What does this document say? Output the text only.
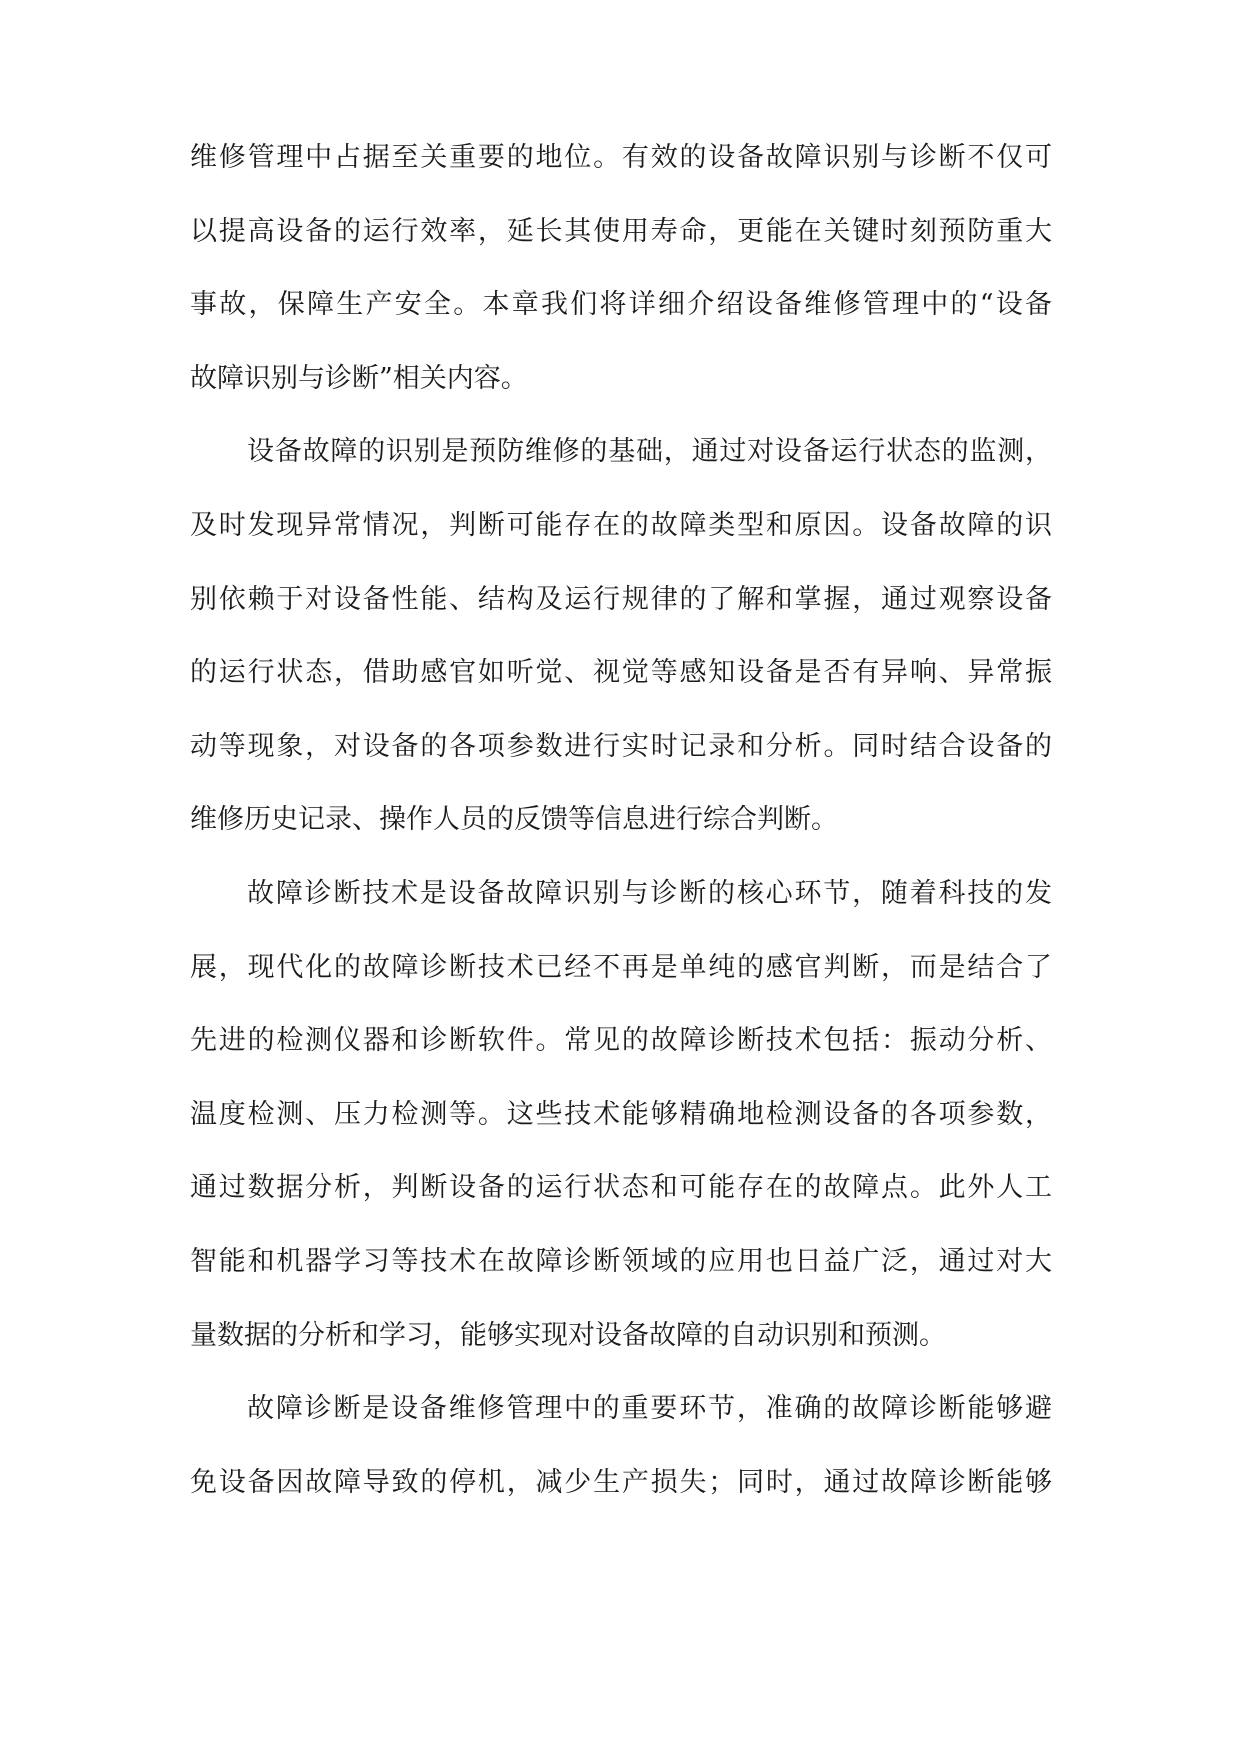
维修管理中占据至关重要的地位。有效的设备故障识别与诊断不仅可
以提高设备的运行效率，延长其使用寿命，更能在关键时刻预防重大
事故，保障生产安全。本章我们将详细介绍设备维修管理中的“设备
故障识别与诊断”相关内容。
设备故障的识别是预防维修的基础，通过对设备运行状态的监测，
及时发现异常情况，判断可能存在的故障类型和原因。设备故障的识
别依赖于对设备性能、结构及运行规律的了解和掌握，通过观察设备
的运行状态，借助感官如听觉、视觉等感知设备是否有异响、异常振
动等现象，对设备的各项参数进行实时记录和分析。同时结合设备的
维修历史记录、操作人员的反馈等信息进行综合判断。
故障诊断技术是设备故障识别与诊断的核心环节，随着科技的发
展，现代化的故障诊断技术已经不再是单纯的感官判断，而是结合了
先进的检测仪器和诊断软件。常见的故障诊断技术包括：振动分析、
温度检测、压力检测等。这些技术能够精确地检测设备的各项参数，
通过数据分析，判断设备的运行状态和可能存在的故障点。此外人工
智能和机器学习等技术在故障诊断领域的应用也日益广泛，通过对大
量数据的分析和学习，能够实现对设备故障的自动识别和预测。
故障诊断是设备维修管理中的重要环节，准确的故障诊断能够避
免设备因故障导致的停机，减少生产损失；同时，通过故障诊断能够
